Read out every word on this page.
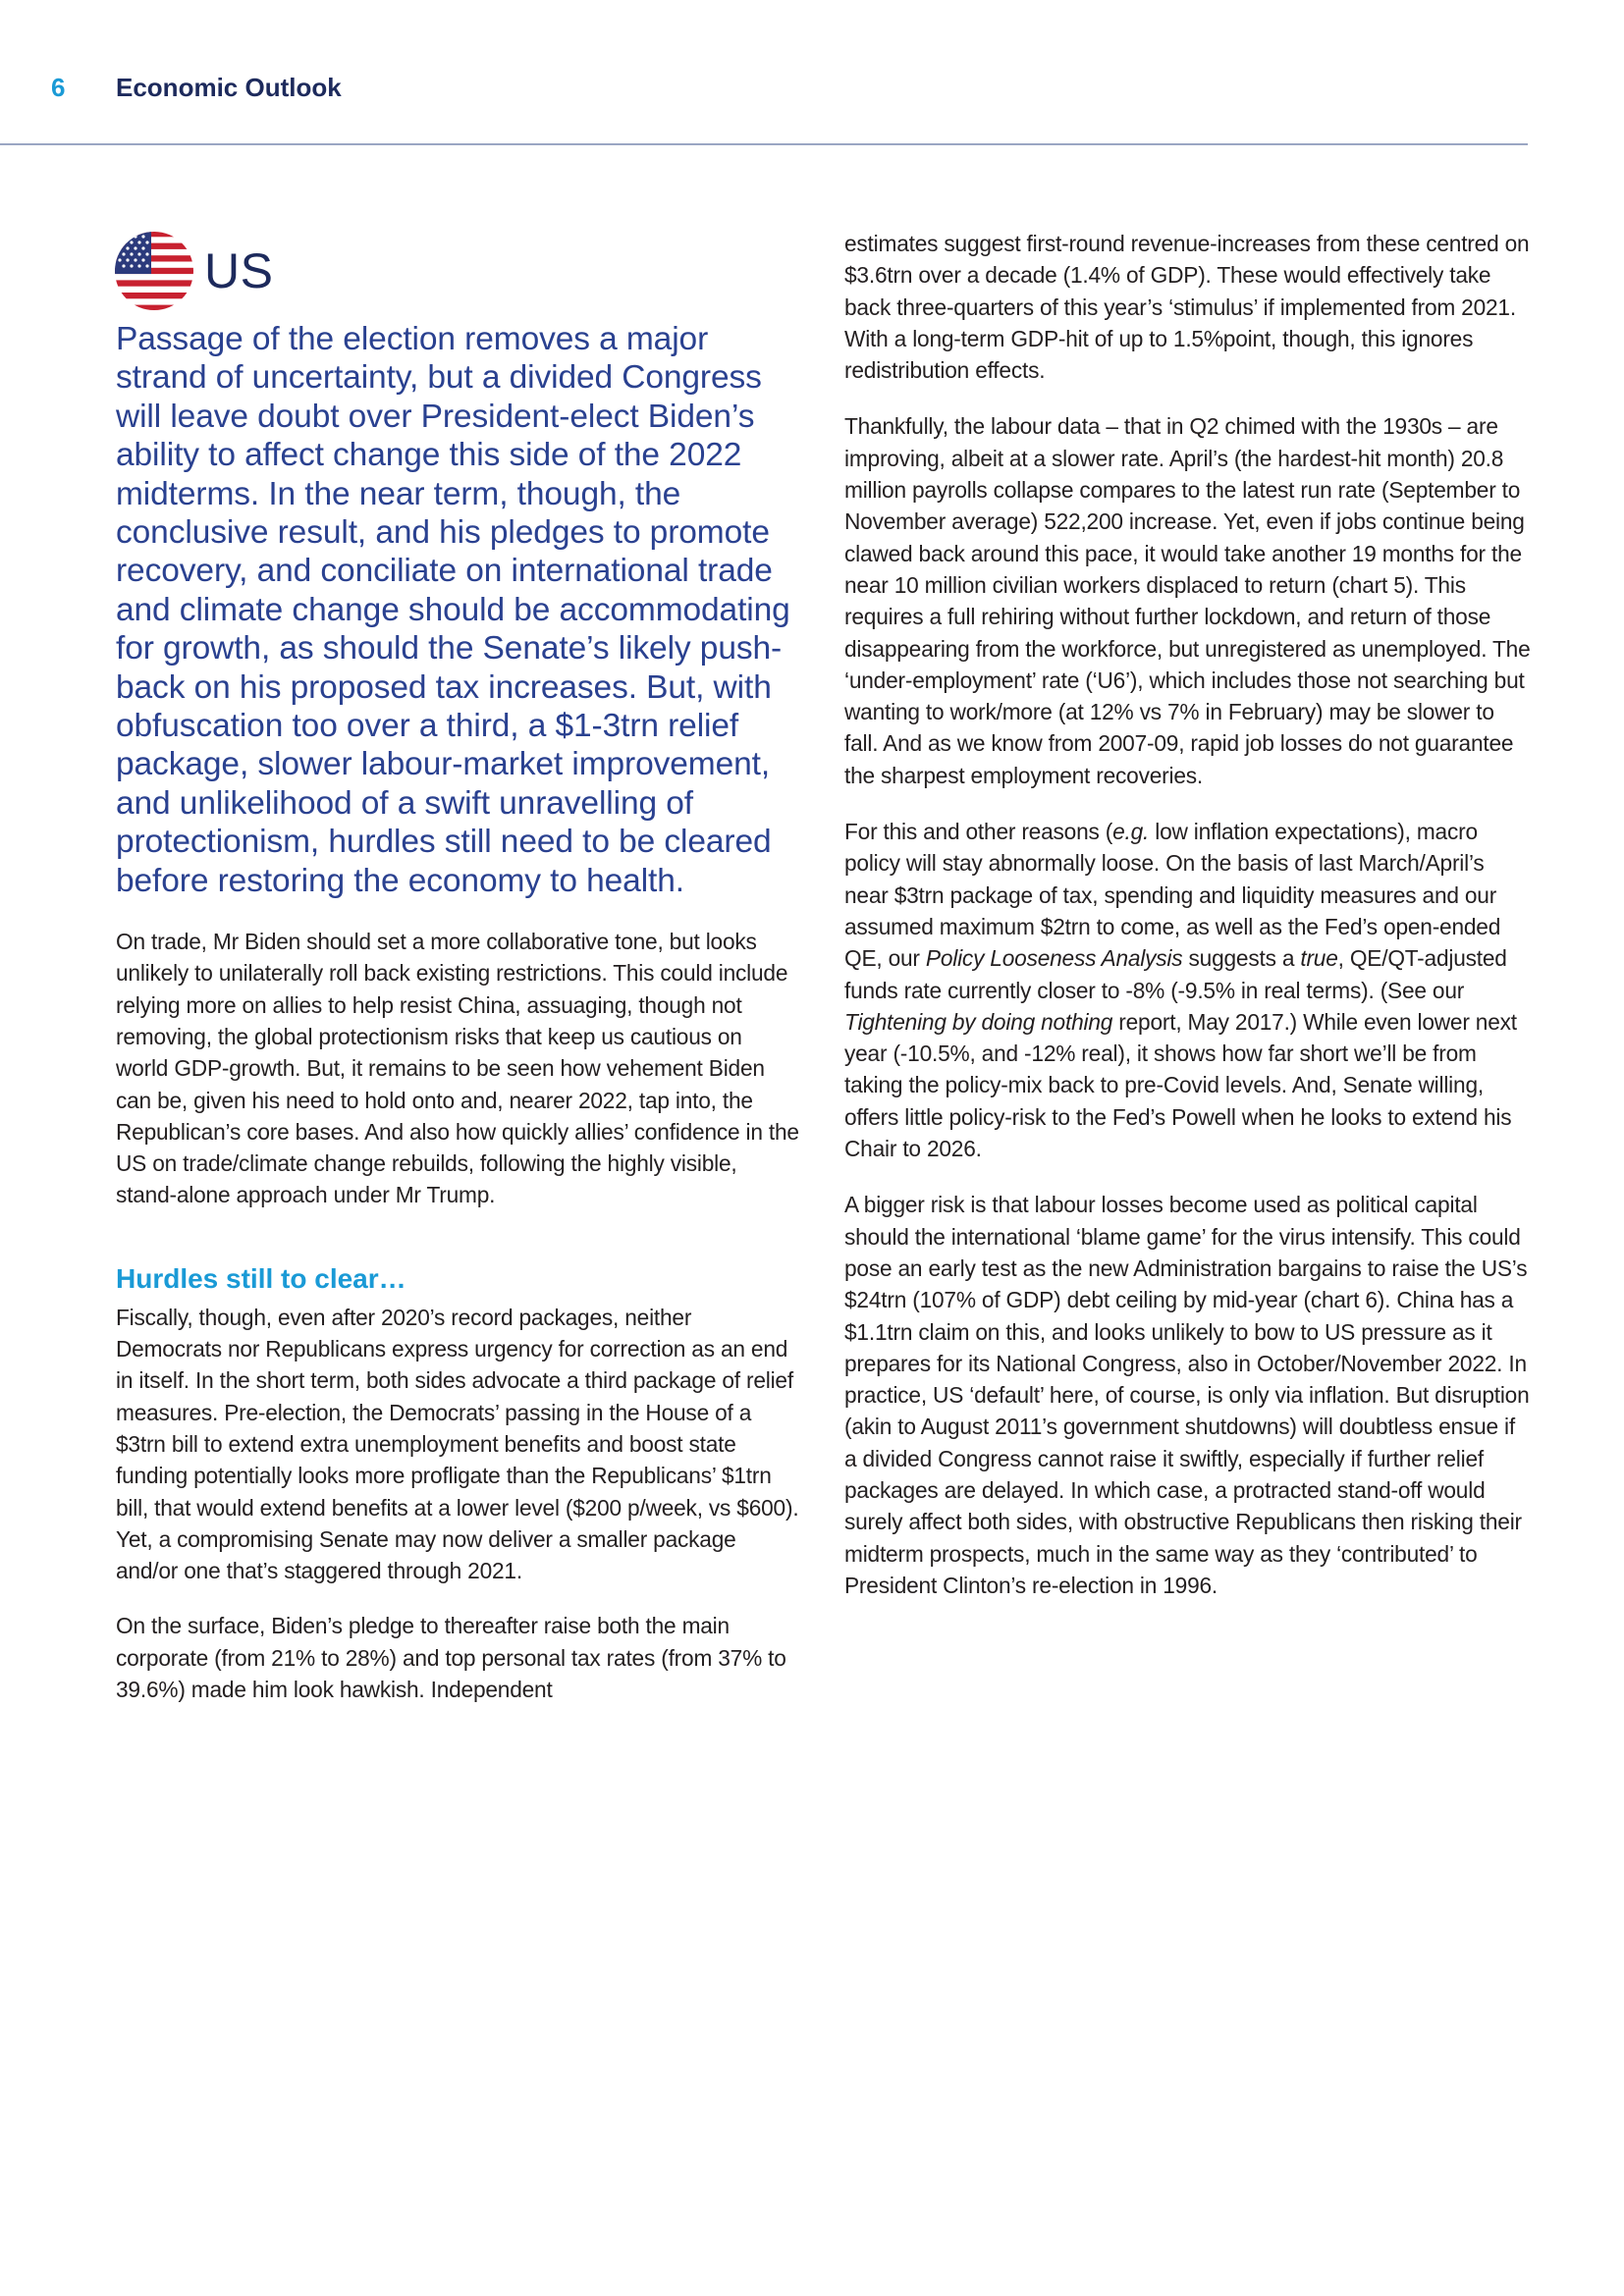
6 Economic Outlook
US

Passage of the election removes a major strand of uncertainty, but a divided Congress will leave doubt over President-elect Biden’s ability to affect change this side of the 2022 midterms. In the near term, though, the conclusive result, and his pledges to promote recovery, and conciliate on international trade and climate change should be accommodating for growth, as should the Senate’s likely push-back on his proposed tax increases. But, with obfuscation too over a third, a $1-3trn relief package, slower labour-market improvement, and unlikelihood of a swift unravelling of protectionism, hurdles still need to be cleared before restoring the economy to health.

On trade, Mr Biden should set a more collaborative tone, but looks unlikely to unilaterally roll back existing restrictions. This could include relying more on allies to help resist China, assuaging, though not removing, the global protectionism risks that keep us cautious on world GDP-growth. But, it remains to be seen how vehement Biden can be, given his need to hold onto and, nearer 2022, tap into, the Republican’s core bases. And also how quickly allies’ confidence in the US on trade/climate change rebuilds, following the highly visible, stand-alone approach under Mr Trump.

Hurdles still to clear…

Fiscally, though, even after 2020’s record packages, neither Democrats nor Republicans express urgency for correction as an end in itself. In the short term, both sides advocate a third package of relief measures. Pre-election, the Democrats’ passing in the House of a $3trn bill to extend extra unemployment benefits and boost state funding potentially looks more profligate than the Republicans’ $1trn bill, that would extend benefits at a lower level ($200 p/week, vs $600). Yet, a compromising Senate may now deliver a smaller package and/or one that’s staggered through 2021.

On the surface, Biden’s pledge to thereafter raise both the main corporate (from 21% to 28%) and top personal tax rates (from 37% to 39.6%) made him look hawkish. Independent

estimates suggest first-round revenue-increases from these centred on $3.6trn over a decade (1.4% of GDP). These would effectively take back three-quarters of this year’s ‘stimulus’ if implemented from 2021. With a long-term GDP-hit of up to 1.5%point, though, this ignores redistribution effects.

Thankfully, the labour data – that in Q2 chimed with the 1930s – are improving, albeit at a slower rate. April’s (the hardest-hit month) 20.8 million payrolls collapse compares to the latest run rate (September to November average) 522,200 increase. Yet, even if jobs continue being clawed back around this pace, it would take another 19 months for the near 10 million civilian workers displaced to return (chart 5). This requires a full rehiring without further lockdown, and return of those disappearing from the workforce, but unregistered as unemployed. The ‘under-employment’ rate (‘U6’), which includes those not searching but wanting to work/more (at 12% vs 7% in February) may be slower to fall. And as we know from 2007-09, rapid job losses do not guarantee the sharpest employment recoveries.

For this and other reasons (e.g. low inflation expectations), macro policy will stay abnormally loose. On the basis of last March/April’s near $3trn package of tax, spending and liquidity measures and our assumed maximum $2trn to come, as well as the Fed’s open-ended QE, our Policy Looseness Analysis suggests a true, QE/QT-adjusted funds rate currently closer to -8% (-9.5% in real terms). (See our Tightening by doing nothing report, May 2017.) While even lower next year (-10.5%, and -12% real), it shows how far short we’ll be from taking the policy-mix back to pre-Covid levels. And, Senate willing, offers little policy-risk to the Fed’s Powell when he looks to extend his Chair to 2026.

A bigger risk is that labour losses become used as political capital should the international ‘blame game’ for the virus intensify. This could pose an early test as the new Administration bargains to raise the US’s $24trn (107% of GDP) debt ceiling by mid-year (chart 6). China has a $1.1trn claim on this, and looks unlikely to bow to US pressure as it prepares for its National Congress, also in October/November 2022. In practice, US ‘default’ here, of course, is only via inflation. But disruption (akin to August 2011’s government shutdowns) will doubtless ensue if a divided Congress cannot raise it swiftly, especially if further relief packages are delayed. In which case, a protracted stand-off would surely affect both sides, with obstructive Republicans then risking their midterm prospects, much in the same way as they ‘contributed’ to President Clinton’s re-election in 1996.
